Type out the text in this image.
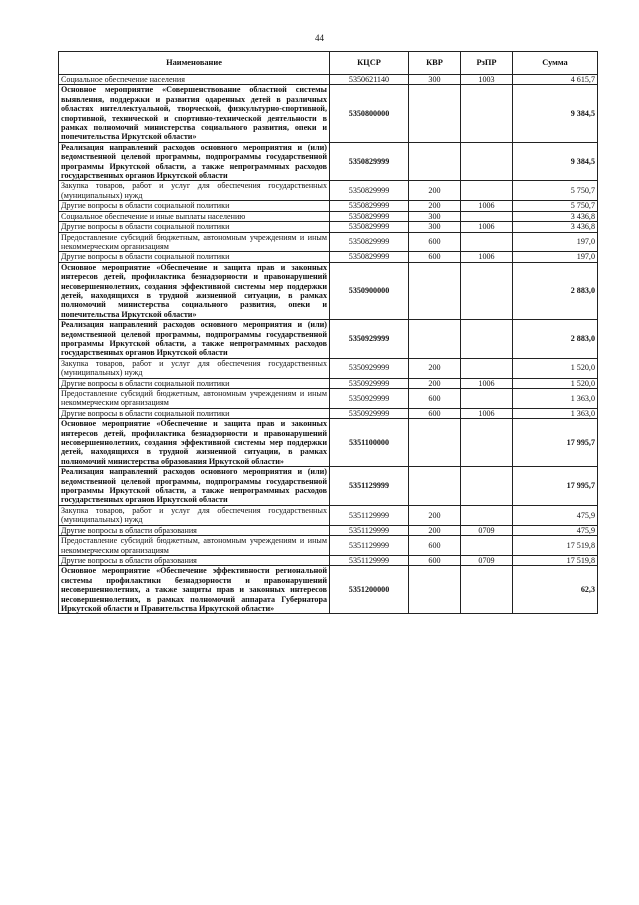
44
Наименование	КЦСР	КВР	РзПР	Сумма
Социальное обеспечение населения	5350621140	300	1003	4 615,7
Основное мероприятие «Совершенствование областной системы выявления, поддержки и развития одаренных детей в различных областях интеллектуальной, творческой, физкультурно-спортивной, спортивной, технической и спортивно-технической деятельности в рамках полномочий министерства социального развития, опеки и попечительства Иркутской области»	5350800000			9 384,5
Реализация направлений расходов основного мероприятия и (или) ведомственной целевой программы, подпрограммы государственной программы Иркутской области, а также непрограммных расходов государственных органов Иркутской области	5350829999			9 384,5
Закупка товаров, работ и услуг для обеспечения государственных (муниципальных) нужд	5350829999	200		5 750,7
Другие вопросы в области социальной политики	5350829999	200	1006	5 750,7
Социальное обеспечение и иные выплаты населению	5350829999	300		3 436,8
Другие вопросы в области социальной политики	5350829999	300	1006	3 436,8
Предоставление субсидий бюджетным, автономным учреждениям и иным некоммерческим организациям	5350829999	600		197,0
Другие вопросы в области социальной политики	5350829999	600	1006	197,0
Основное мероприятие «Обеспечение и защита прав и законных интересов детей, профилактика безнадзорности и правонарушений несовершеннолетних, создания эффективной системы мер поддержки детей, находящихся в трудной жизненной ситуации, в рамках полномочий министерства социального развития, опеки и попечительства Иркутской области»	5350900000			2 883,0
Реализация направлений расходов основного мероприятия и (или) ведомственной целевой программы, подпрограммы государственной программы Иркутской области, а также непрограммных расходов государственных органов Иркутской области	5350929999			2 883,0
Закупка товаров, работ и услуг для обеспечения государственных (муниципальных) нужд	5350929999	200		1 520,0
Другие вопросы в области социальной политики	5350929999	200	1006	1 520,0
Предоставление субсидий бюджетным, автономным учреждениям и иным некоммерческим организациям	5350929999	600		1 363,0
Другие вопросы в области социальной политики	5350929999	600	1006	1 363,0
Основное мероприятие «Обеспечение и защита прав и законных интересов детей, профилактика безнадзорности и правонарушений несовершеннолетних, создания эффективной системы мер поддержки детей, находящихся в трудной жизненной ситуации, в рамках полномочий министерства образования Иркутской области»	5351100000			17 995,7
Реализация направлений расходов основного мероприятия и (или) ведомственной целевой программы, подпрограммы государственной программы Иркутской области, а также непрограммных расходов государственных органов Иркутской области	5351129999			17 995,7
Закупка товаров, работ и услуг для обеспечения государственных (муниципальных) нужд	5351129999	200		475,9
Другие вопросы в области образования	5351129999	200	0709	475,9
Предоставление субсидий бюджетным, автономным учреждениям и иным некоммерческим организациям	5351129999	600		17 519,8
Другие вопросы в области образования	5351129999	600	0709	17 519,8
Основное мероприятие «Обеспечение эффективности региональной системы профилактики безнадзорности и правонарушений несовершеннолетних, а также защиты прав и законных интересов несовершеннолетних, в рамках полномочий аппарата Губернатора Иркутской области и Правительства Иркутской области»	5351200000			62,3
